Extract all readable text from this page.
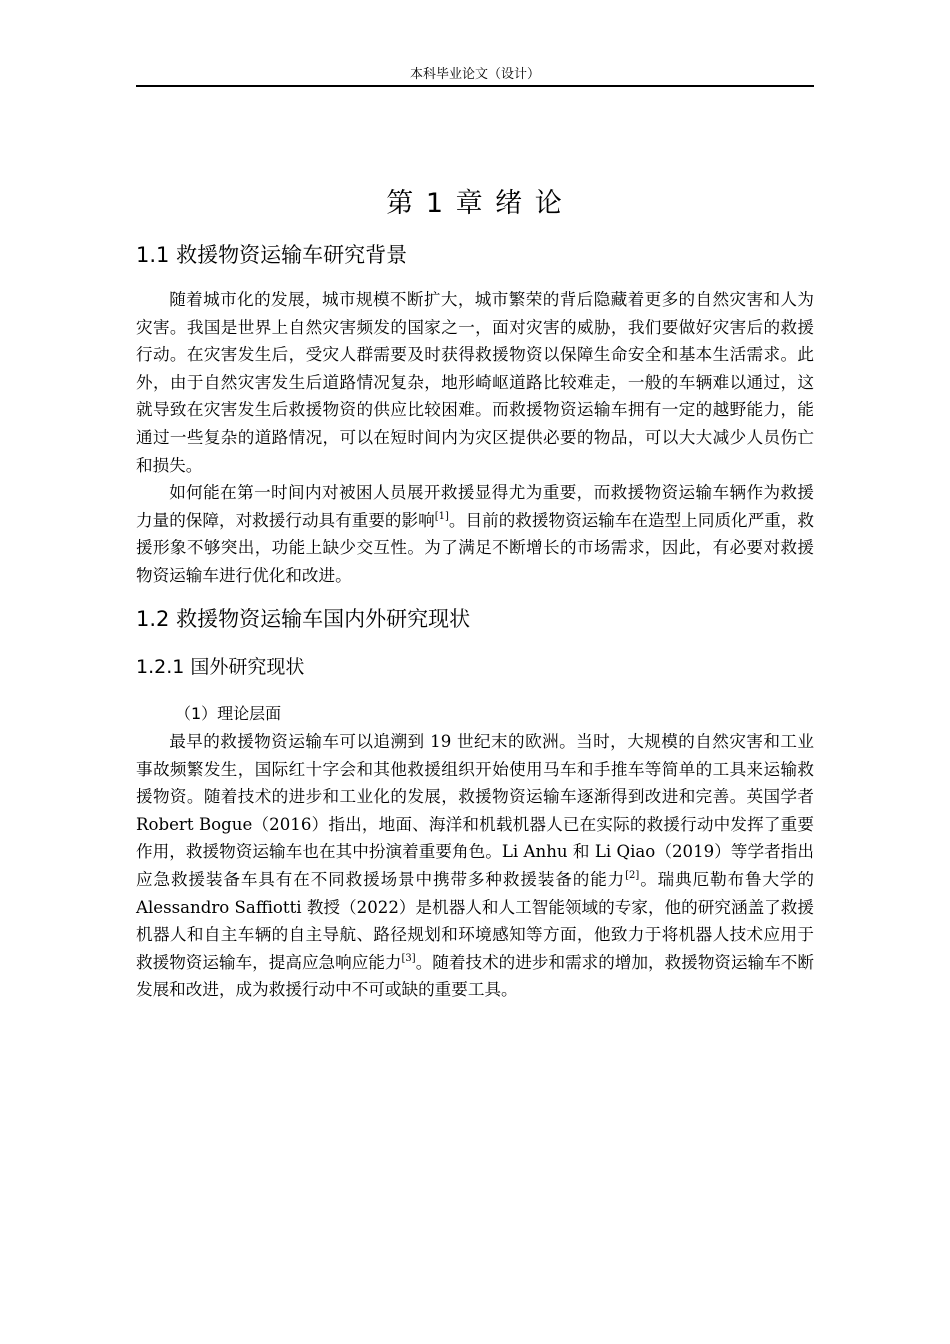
本科毕业论文（设计）
第 1 章 绪 论
1.1 救援物资运输车研究背景

随着城市化的发展，城市规模不断扩大，城市繁荣的背后隐藏着更多的自然灾害和人为灾害。我国是世界上自然灾害频发的国家之一，面对灾害的威胁，我们要做好灾害后的救援行动。在灾害发生后，受灾人群需要及时获得救援物资以保障生命安全和基本生活需求。此外，由于自然灾害发生后道路情况复杂，地形崎岖道路比较难走，一般的车辆难以通过，这就导致在灾害发生后救援物资的供应比较困难。而救援物资运输车拥有一定的越野能力，能通过一些复杂的道路情况，可以在短时间内为灾区提供必要的物品，可以大大减少人员伤亡和损失。

如何能在第一时间内对被困人员展开救援显得尤为重要，而救援物资运输车辆作为救援力量的保障，对救援行动具有重要的影响[1]。目前的救援物资运输车在造型上同质化严重，救援形象不够突出，功能上缺少交互性。为了满足不断增长的市场需求，因此，有必要对救援物资运输车进行优化和改进。

1.2 救援物资运输车国内外研究现状
1.2.1 国外研究现状
（1）理论层面

最早的救援物资运输车可以追溯到 19 世纪末的欧洲。当时，大规模的自然灾害和工业事故频繁发生，国际红十字会和其他救援组织开始使用马车和手推车等简单的工具来运输救援物资。随着技术的进步和工业化的发展，救援物资运输车逐渐得到改进和完善。英国学者 Robert Bogue（2016）指出，地面、海洋和机载机器人已在实际的救援行动中发挥了重要作用，救援物资运输车也在其中扮演着重要角色。Li Anhu 和 Li Qiao（2019）等学者指出应急救援装备车具有在不同救援场景中携带多种救援装备的能力[2]。瑞典厄勒布鲁大学的 Alessandro Saffiotti 教授（2022）是机器人和人工智能领域的专家，他的研究涵盖了救援机器人和自主车辆的自主导航、路径规划和环境感知等方面，他致力于将机器人技术应用于救援物资运输车，提高应急响应能力[3]。随着技术的进步和需求的增加，救援物资运输车不断发展和改进，成为救援行动中不可或缺的重要工具。
